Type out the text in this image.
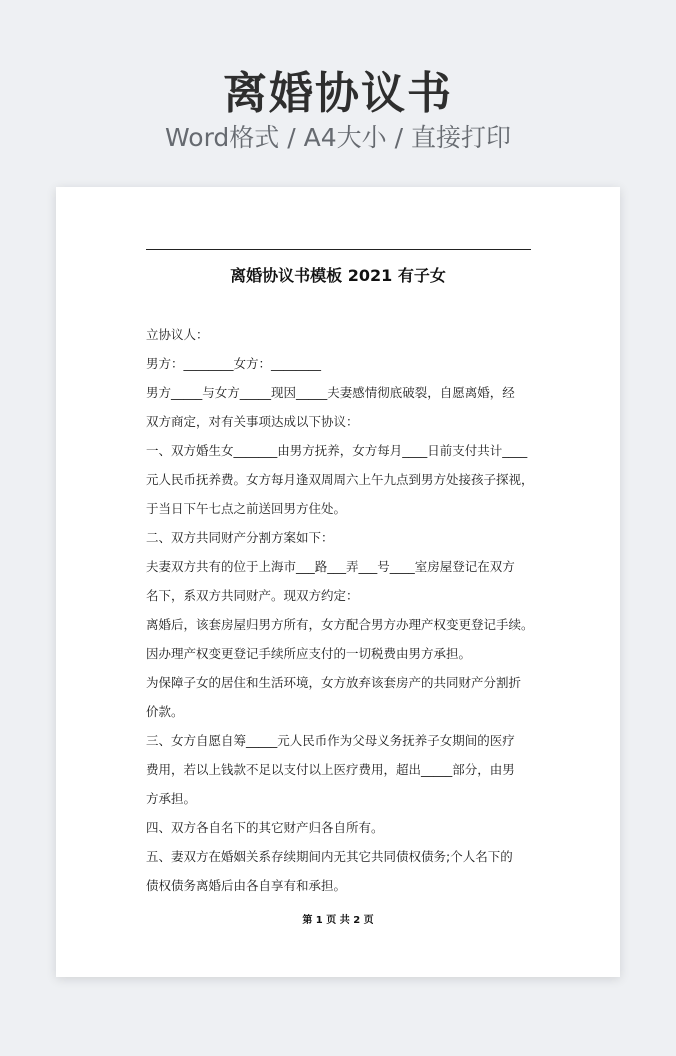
离婚协议书
Word格式 / A4大小 / 直接打印
离婚协议书模板 2021 有子女
立协议人：
男方：________女方：________
男方_____与女方_____现因_____夫妻感情彻底破裂，自愿离婚，经
双方商定，对有关事项达成以下协议：
一、双方婚生女_______由男方抚养，女方每月____日前支付共计____
元人民币抚养费。女方每月逢双周周六上午九点到男方处接孩子探视，
于当日下午七点之前送回男方住处。
二、双方共同财产分割方案如下：
夫妻双方共有的位于上海市___路___弄___号____室房屋登记在双方
名下，系双方共同财产。现双方约定：
离婚后，该套房屋归男方所有，女方配合男方办理产权变更登记手续。
因办理产权变更登记手续所应支付的一切税费由男方承担。
为保障子女的居住和生活环境，女方放弃该套房产的共同财产分割折
价款。
三、女方自愿自筹_____元人民币作为父母义务抚养子女期间的医疗
费用，若以上钱款不足以支付以上医疗费用，超出_____部分，由男
方承担。
四、双方各自名下的其它财产归各自所有。
五、妻双方在婚姻关系存续期间内无其它共同债权债务;个人名下的
债权债务离婚后由各自享有和承担。
第 1 页 共 2 页
